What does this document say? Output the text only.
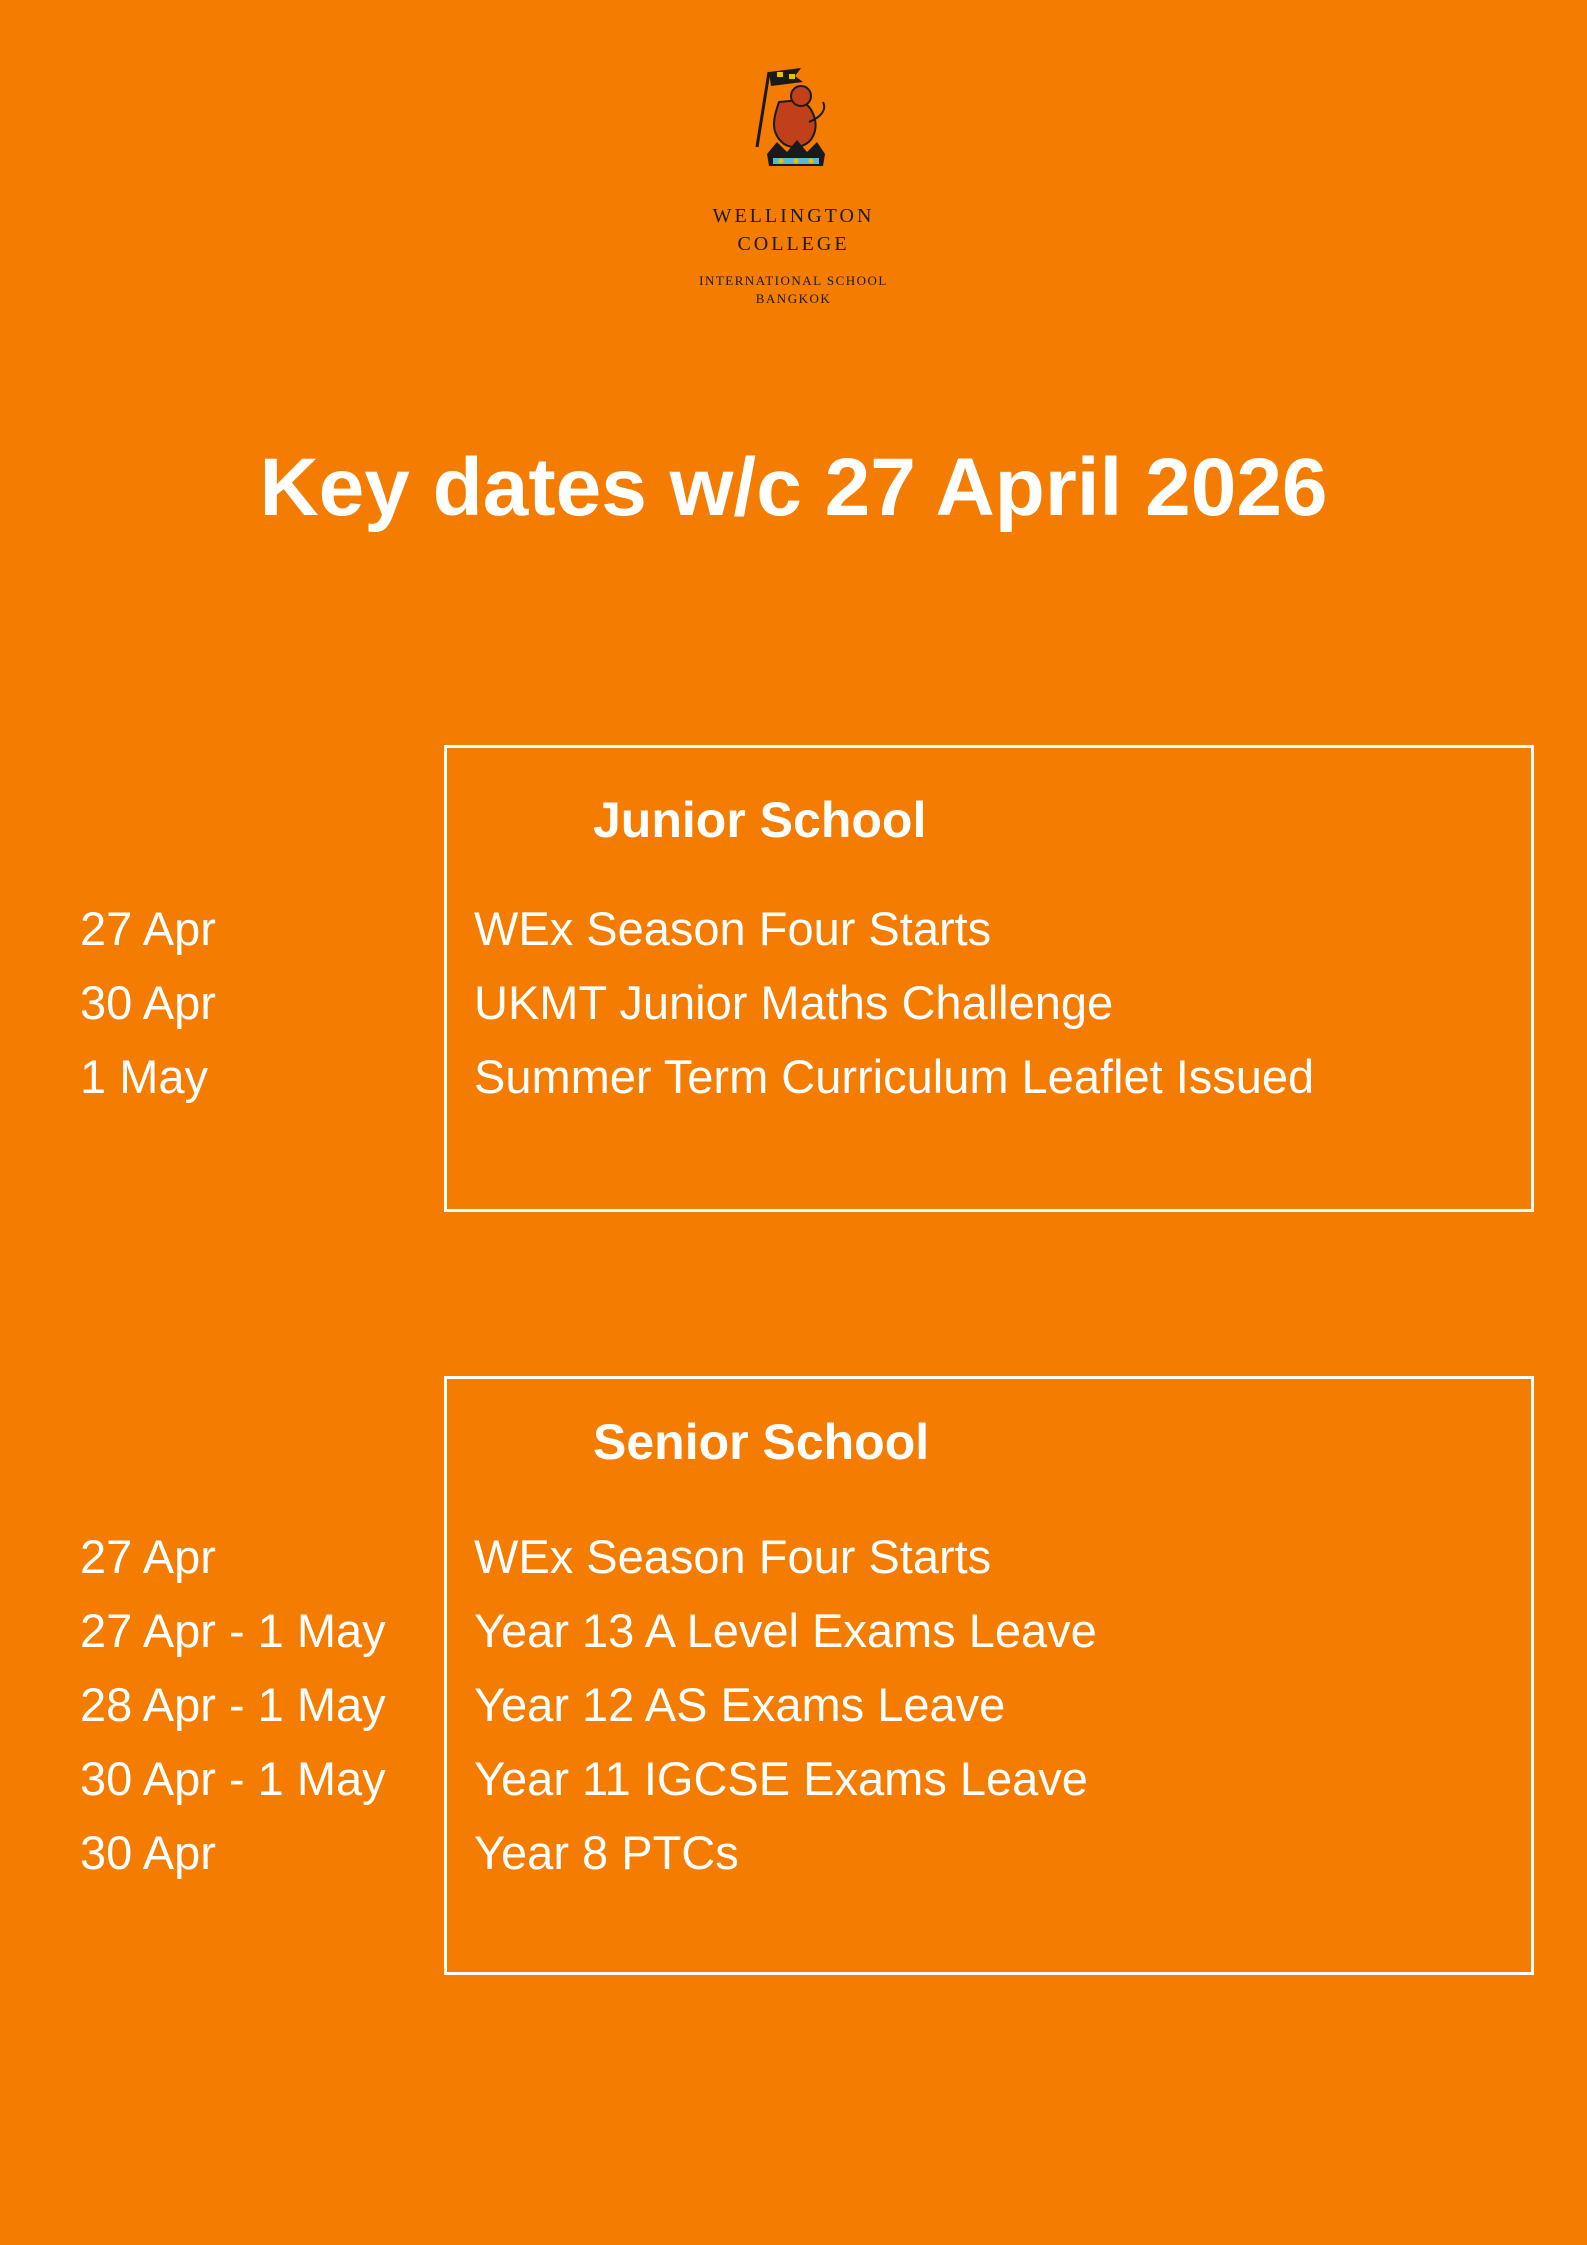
WELLINGTON
COLLEGE
INTERNATIONAL SCHOOL
BANGKOK
Key dates w/c 27 April 2026
Junior School
27 Apr	WEx Season Four Starts
30 Apr	UKMT Junior Maths Challenge
1 May	Summer Term Curriculum Leaflet Issued
Senior School
27 Apr	WEx Season Four Starts
27 Apr - 1 May Year 13 A Level Exams Leave
28 Apr - 1 May Year 12 AS Exams Leave
30 Apr - 1 May Year 11 IGCSE Exams Leave
30 Apr	Year 8 PTCs
